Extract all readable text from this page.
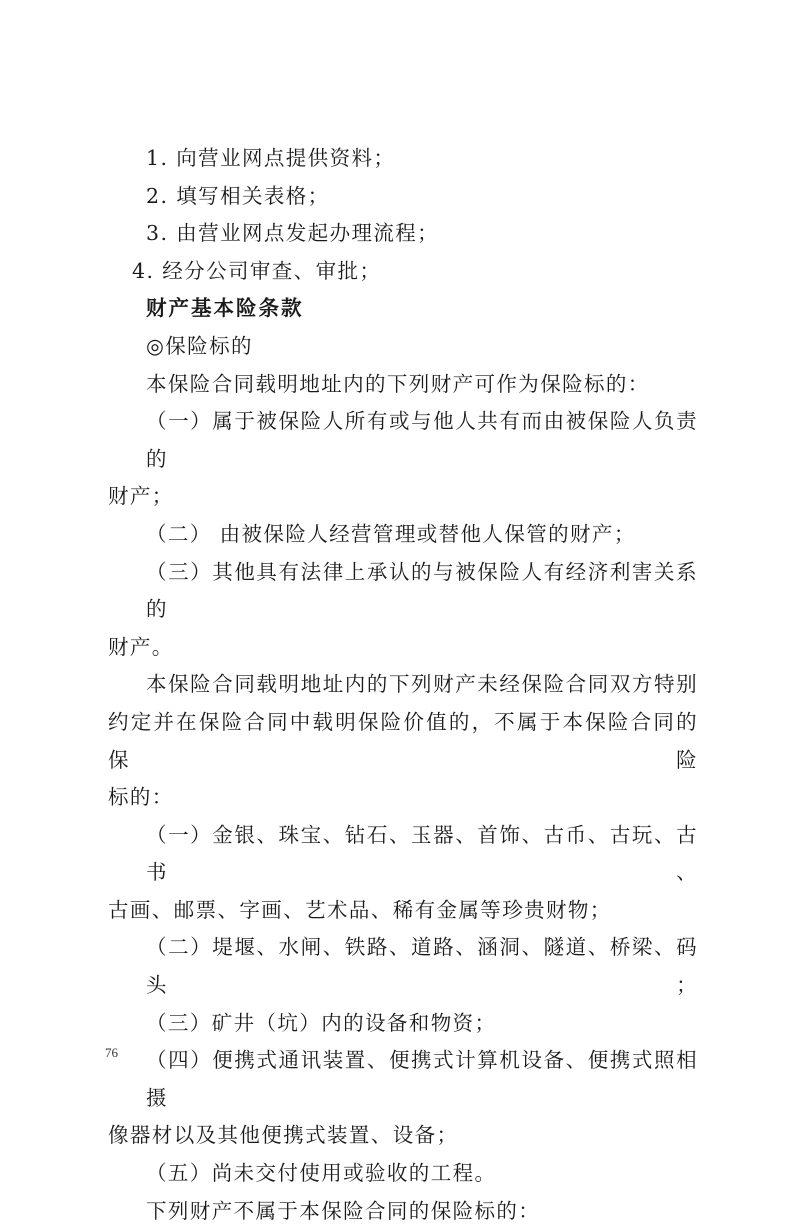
1. 向营业网点提供资料；

2. 填写相关表格；

3. 由营业网点发起办理流程；

4. 经分公司审查、审批；

财产基本险条款

◎保险标的

本保险合同载明地址内的下列财产可作为保险标的：

（一）属于被保险人所有或与他人共有而由被保险人负责的

财产；

（二） 由被保险人经营管理或替他人保管的财产；

（三）其他具有法律上承认的与被保险人有经济利害关系的

财产。

本保险合同载明地址内的下列财产未经保险合同双方特别

约定并在保险合同中载明保险价值的，不属于本保险合同的保险

标的：

（一）金银、珠宝、钻石、玉器、首饰、古币、古玩、古书、

古画、邮票、字画、艺术品、稀有金属等珍贵财物；

（二）堤堰、水闸、铁路、道路、涵洞、隧道、桥梁、码头；

（三）矿井（坑）内的设备和物资；

（四）便携式通讯装置、便携式计算机设备、便携式照相摄

像器材以及其他便携式装置、设备；

（五）尚未交付使用或验收的工程。

下列财产不属于本保险合同的保险标的：

76
